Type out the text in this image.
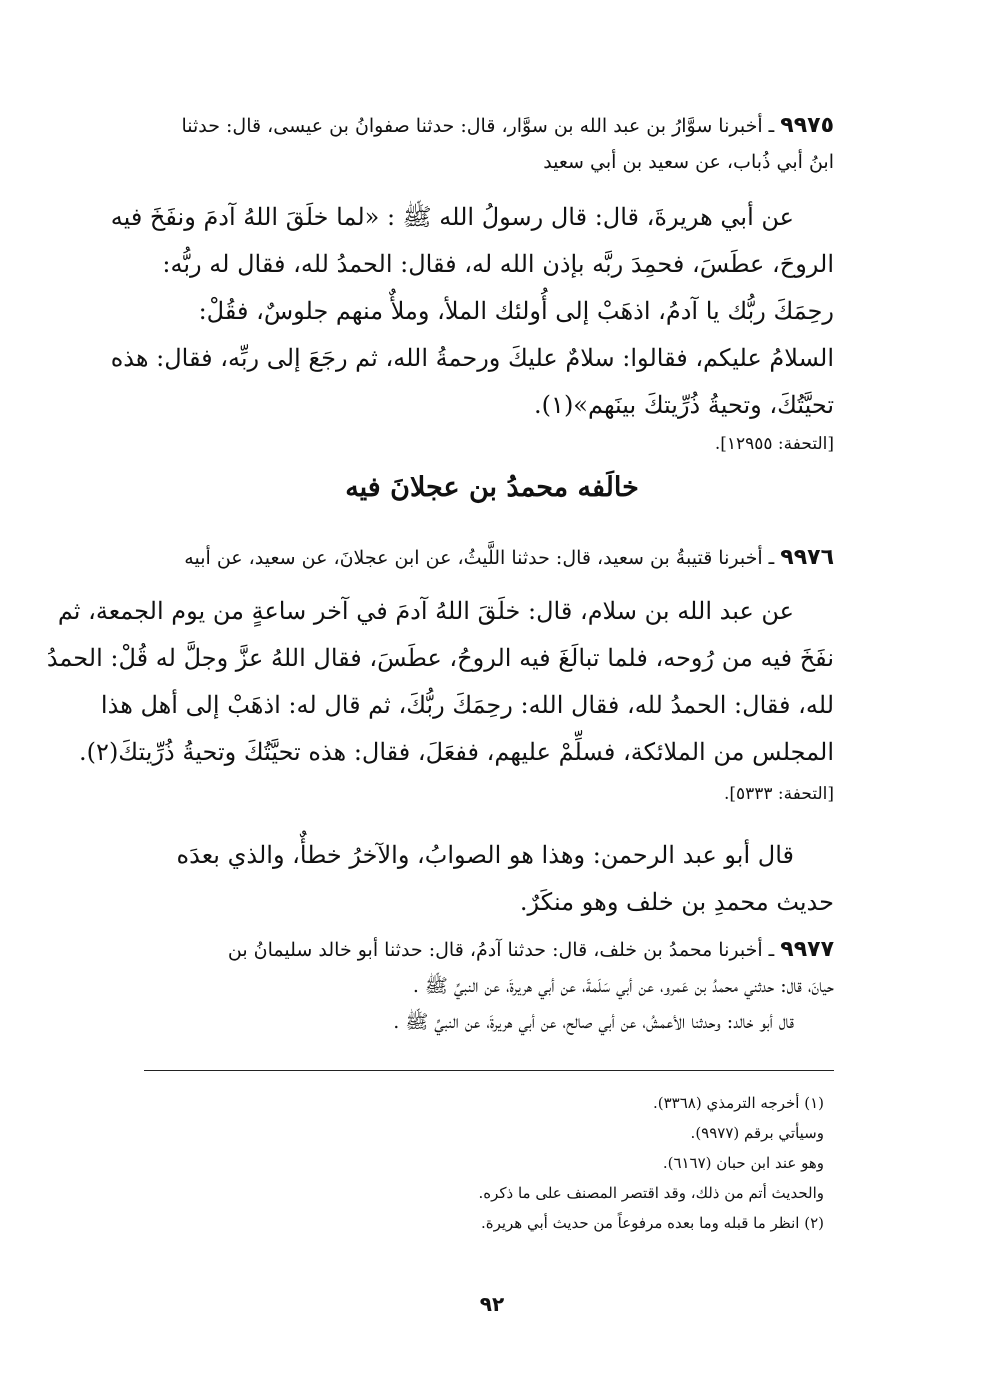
٩٩٧٥ ـ أخبرنا سوَّارُ بن عبد الله بن سوَّار، قال: حدثنا صفوانُ بن عيسى، قال: حدثنا
ابنُ أبي ذُباب، عن سعيد بن أبي سعيد
عن أبي هريرةَ، قال: قال رسولُ الله ﷺ : «لما خلَقَ اللهُ آدمَ ونفَخَ فيه
الروحَ، عطَسَ، فحمِدَ ربَّه بإذن الله له، فقال: الحمدُ لله، فقال له ربُّه:
رحِمَكَ ربُّك يا آدمُ، اذهَبْ إلى أُولئك الملأ، وملأٌ منهم جلوسٌ، فقُلْ:
السلامُ عليكم، فقالوا: سلامٌ عليكَ ورحمةُ الله، ثم رجَعَ إلى ربِّه، فقال: هذه
تحيَّتُكَ، وتحيةُ ذُرِّيتكَ بينَهم»(١).
[التحفة: ١٢٩٥٥].
خالَفه محمدُ بن عجلانَ فيه
٩٩٧٦ ـ أخبرنا قتيبةُ بن سعيد، قال: حدثنا اللَّيثُ، عن ابن عجلانَ، عن سعيد، عن أبيه
عن عبد الله بن سلام، قال: خلَقَ اللهُ آدمَ في آخر ساعةٍ من يوم الجمعة، ثم
نفَخَ فيه من رُوحه، فلما تبالَغَ فيه الروحُ، عطَسَ، فقال اللهُ عزَّ وجلَّ له قُلْ: الحمدُ
لله، فقال: الحمدُ لله، فقال الله: رحِمَكَ ربُّكَ، ثم قال له: اذهَبْ إلى أهل هذا
المجلس من الملائكة، فسلِّمْ عليهم، ففعَلَ، فقال: هذه تحيَّتُكَ وتحيةُ ذُرِّيتكَ(٢).
[التحفة: ٥٣٣٣].
قال أبو عبد الرحمن: وهذا هو الصوابُ، والآخرُ خطأٌ، والذي بعدَه
حديث محمدِ بن خلف وهو منكَرٌ.
٩٩٧٧ ـ أخبرنا محمدُ بن خلف، قال: حدثنا آدمُ، قال: حدثنا أبو خالد سليمانُ بن
حيانَ، قال: حدثني محمدُ بن عَمرو، عن أبي سَلَمةَ، عن أبي هريرةَ، عن النبيِّ ﷺ .
قال أبو خالد: وحدثنا الأعمشُ، عن أبي صالح، عن أبي هريرةَ، عن النبيِّ ﷺ .
(١) أخرجه الترمذي (٣٣٦٨).
وسيأتي برقم (٩٩٧٧).
وهو عند ابن حبان (٦١٦٧).
والحديث أتم من ذلك، وقد اقتصر المصنف على ما ذكره.
(٢) انظر ما قبله وما بعده مرفوعاً من حديث أبي هريرة.
٩٢
